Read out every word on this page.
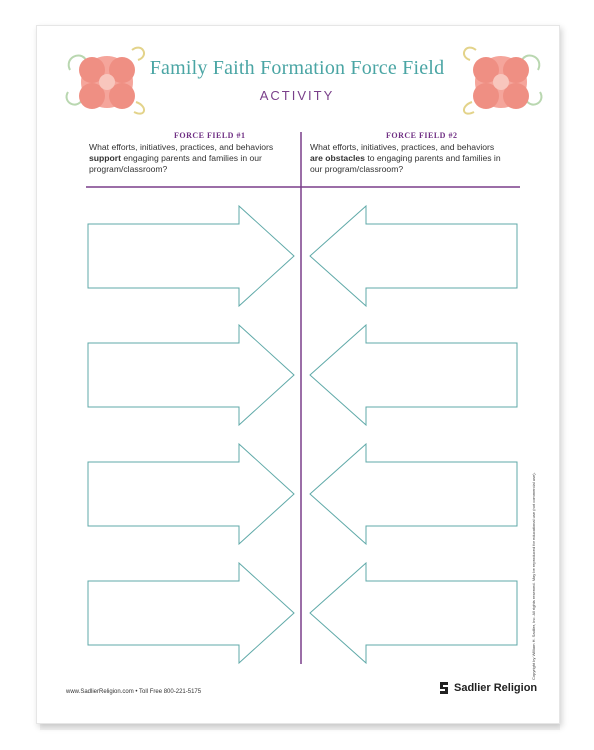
Family Faith Formation Force Field
ACTIVITY
FORCE FIELD #1	FORCE FIELD #2
What efforts, initiatives, practices, and behaviors support engaging parents and families in our program/classroom?
What efforts, initiatives, practices, and behaviors are obstacles to engaging parents and families in our program/classroom?
www.SadlierReligion.com • Toll Free 800-221-5175	Sadlier Religion
Copyright by William H. Sadlier, Inc. All rights reserved. May be reproduced for educational use (not commercial use).
